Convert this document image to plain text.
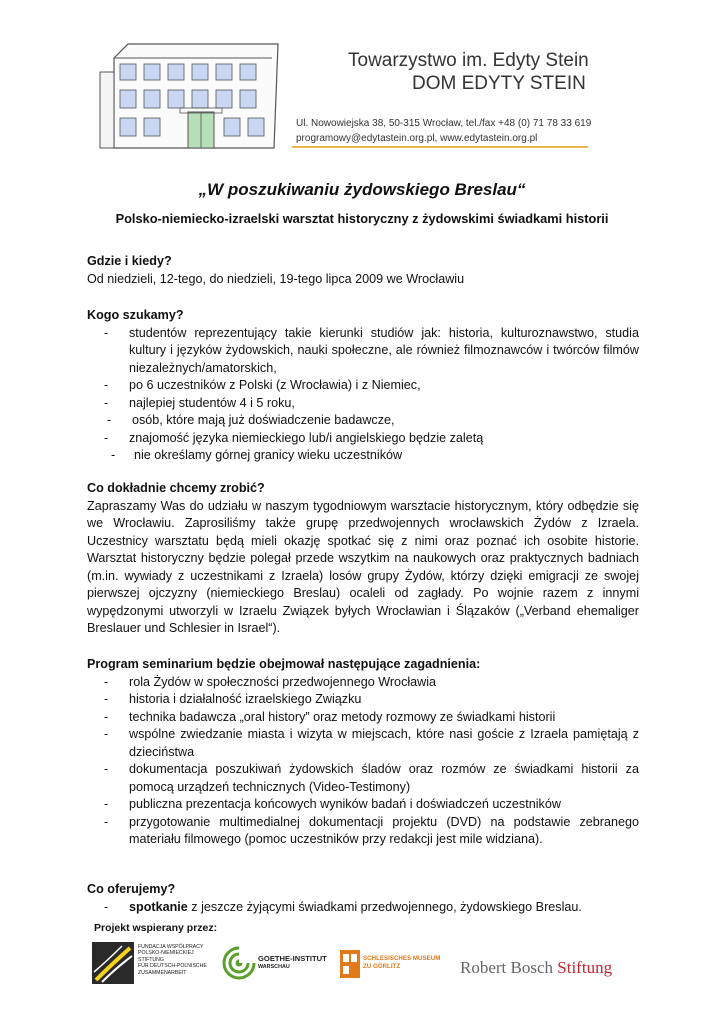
Towarzystwo im. Edyty Stein
DOM EDYTY STEIN
Ul. Nowowiejska 38, 50-315 Wrocław, tel./fax +48 (0) 71 78 33 619
programowy@edytastein.org.pl, www.edytastein.org.pl
„W poszukiwaniu żydowskiego Breslau“
Polsko-niemiecko-izraelski warsztat historyczny z żydowskimi świadkami historii

Gdzie i kiedy?

Od niedzieli, 12-tego, do niedzieli, 19-tego lipca 2009 we Wrocławiu

Kogo szukamy?

- studentów reprezentujący takie kierunki studiów jak: historia, kulturoznawstwo, studia kultury i języków żydowskich, nauki społeczne, ale również filmoznawców i twórców filmów niezależnych/amatorskich,
- po 6 uczestników z Polski (z Wrocławia) i z Niemiec,
- najlepiej studentów 4 i 5 roku,
- osób, które mają już doświadczenie badawcze,
- znajomość języka niemieckiego lub/i angielskiego będzie zaletą
- nie określamy górnej granicy wieku uczestników

Co dokładnie chcemy zrobić?

Zapraszamy Was do udziału w naszym tygodniowym warsztacie historycznym, który odbędzie się we Wrocławiu. Zaprosiliśmy także grupę przedwojennych wrocławskich Żydów z Izraela. Uczestnicy warsztatu będą mieli okazję spotkać się z nimi oraz poznać ich osobite historie. Warsztat historyczny będzie polegał przede wszytkim na naukowych oraz praktycznych badniach (m.in. wywiady z uczestnikami z Izraela) losów grupy Żydów, którzy dzięki emigracji ze swojej pierwszej ojczyzny (niemieckiego Breslau) ocaleli od zagłady. Po wojnie razem z innymi wypędzonymi utworzyli w Izraelu Związek byłych Wrocławian i Ślązaków („Verband ehemaliger Breslauer und Schlesier in Israel“).

Program seminarium będzie obejmował następujące zagadnienia:

- rola Żydów w społeczności przedwojennego Wrocławia
- historia i działalność izraelskiego Związku
- technika badawcza „oral history” oraz metody rozmowy ze świadkami historii
- wspólne zwiedzanie miasta i wizyta w miejscach, które nasi goście z Izraela pamiętają z dzieciństwa
- dokumentacja poszukiwań żydowskich śladów oraz rozmów ze świadkami historii za pomocą urządzeń technicznych (Video-Testimony)
- publiczna prezentacja końcowych wyników badań i doświadczeń uczestników
- przygotowanie multimedialnej dokumentacji projektu (DVD) na podstawie zebranego materiału filmowego (pomoc uczestników przy redakcji jest mile widziana).

Co oferujemy?

- spotkanie z jeszcze żyjącymi świadkami przedwojennego, żydowskiego Breslau.
Projekt wspierany przez:
FUNDACJA WSPÓŁPRACY
POLSKO-NIEMIECKIEJ
STIFTUNG
FÜR DEUTSCH-POLNISCHE
ZUSAMMENARBEIT
GOETHE-INSTITUT
WARSCHAU
SCHLESISCHES MUSEUM
ZU GÖRLITZ	Robert Bosch Stiftung
